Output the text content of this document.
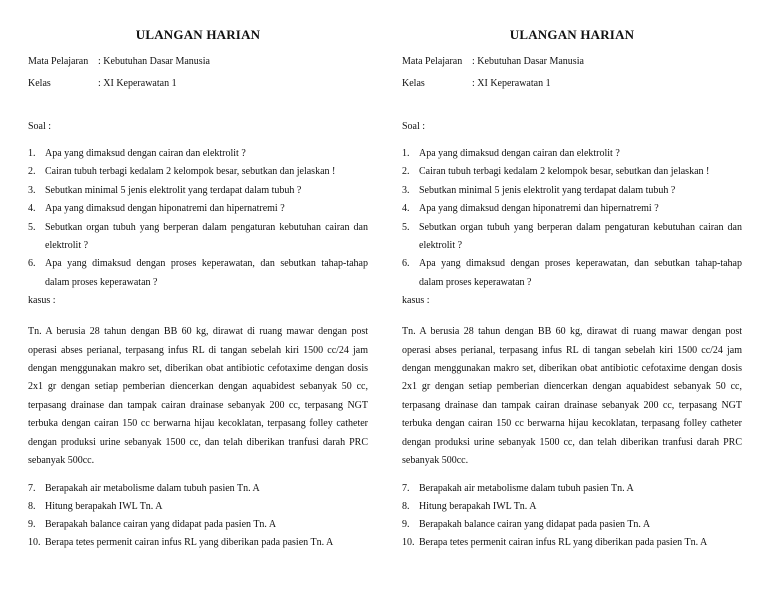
ULANGAN HARIAN
Mata Pelajaran : Kebutuhan Dasar Manusia
Kelas	: XI Keperawatan 1
Soal :
1. Apa yang dimaksud dengan cairan dan elektrolit ?
2. Cairan tubuh terbagi kedalam 2 kelompok besar, sebutkan dan jelaskan !
3. Sebutkan minimal 5 jenis elektrolit yang terdapat dalam tubuh ?
4. Apa yang dimaksud dengan hiponatremi dan hipernatremi ?
5. Sebutkan organ tubuh yang berperan dalam pengaturan kebutuhan cairan dan elektrolit ?
6. Apa yang dimaksud dengan proses keperawatan, dan sebutkan tahap-tahap dalam proses keperawatan ?
kasus :
Tn. A berusia 28 tahun dengan BB 60 kg, dirawat di ruang mawar dengan post operasi abses perianal, terpasang infus RL di tangan sebelah kiri 1500 cc/24 jam dengan menggunakan makro set, diberikan obat antibiotic cefotaxime dengan dosis 2x1 gr dengan setiap pemberian diencerkan dengan aquabidest sebanyak 50 cc, terpasang drainase dan tampak cairan drainase sebanyak 200 cc, terpasang NGT terbuka dengan cairan 150 cc berwarna hijau kecoklatan, terpasang folley catheter dengan produksi urine sebanyak 1500 cc, dan telah diberikan tranfusi darah PRC sebanyak 500cc.
7. Berapakah air metabolisme dalam tubuh pasien Tn. A
8. Hitung berapakah IWL Tn. A
9. Berapakah balance cairan yang didapat pada pasien Tn. A
10. Berapa tetes permenit cairan infus RL yang diberikan pada pasien Tn. A
ULANGAN HARIAN
Mata Pelajaran : Kebutuhan Dasar Manusia
Kelas	: XI Keperawatan 1
Soal :
1. Apa yang dimaksud dengan cairan dan elektrolit ?
2. Cairan tubuh terbagi kedalam 2 kelompok besar, sebutkan dan jelaskan !
3. Sebutkan minimal 5 jenis elektrolit yang terdapat dalam tubuh ?
4. Apa yang dimaksud dengan hiponatremi dan hipernatremi ?
5. Sebutkan organ tubuh yang berperan dalam pengaturan kebutuhan cairan dan elektrolit ?
6. Apa yang dimaksud dengan proses keperawatan, dan sebutkan tahap-tahap dalam proses keperawatan ?
kasus :
Tn. A berusia 28 tahun dengan BB 60 kg, dirawat di ruang mawar dengan post operasi abses perianal, terpasang infus RL di tangan sebelah kiri 1500 cc/24 jam dengan menggunakan makro set, diberikan obat antibiotic cefotaxime dengan dosis 2x1 gr dengan setiap pemberian diencerkan dengan aquabidest sebanyak 50 cc, terpasang drainase dan tampak cairan drainase sebanyak 200 cc, terpasang NGT terbuka dengan cairan 150 cc berwarna hijau kecoklatan, terpasang folley catheter dengan produksi urine sebanyak 1500 cc, dan telah diberikan tranfusi darah PRC sebanyak 500cc.
7. Berapakah air metabolisme dalam tubuh pasien Tn. A
8. Hitung berapakah IWL Tn. A
9. Berapakah balance cairan yang didapat pada pasien Tn. A
10. Berapa tetes permenit cairan infus RL yang diberikan pada pasien Tn. A
